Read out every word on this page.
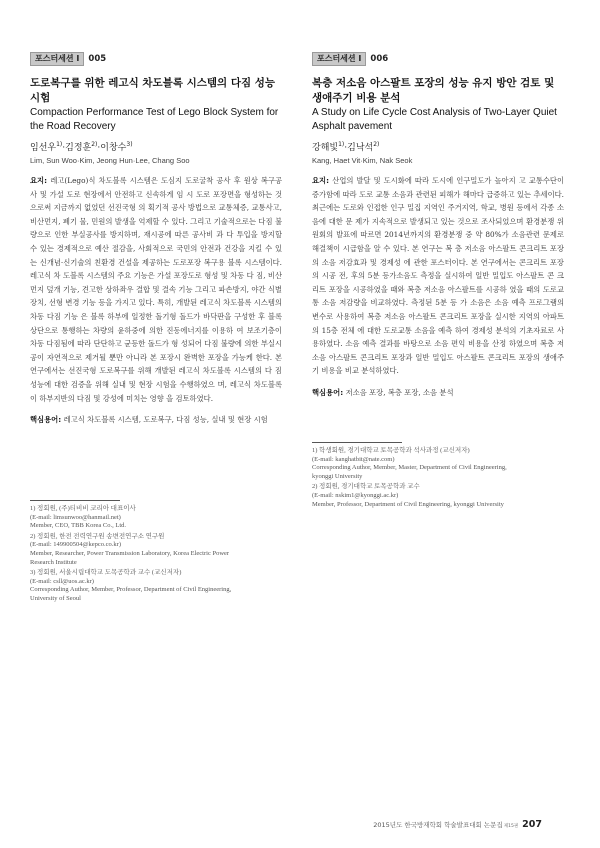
포스터세션 I	005

도로복구를 위한 레고식 차도블록 시스템의 다짐 성능 시험

Compaction Performance Test of Lego Block System for the Road Recovery

임선우$^{1)}$·김정훈$^{2)}$·이창수$^{3)}$

Lim, Sun Woo·Kim, Jeong Hun·Lee, Chang Soo

요지: 레고(Lego)식 차도블록 시스템은 도심지 도로굴착 공사 후 원상 복구공사 및 가설 도로 현장에서 안전하고 신속하게 임 시 도로 포장면을 형성하는 것으로써 지금까지 없었던 선진국형 의 획기적 공사 방법으로 교통체증, 교통사고, 비산먼지, 폐기 물, 민원의 발생을 억제할 수 있다. 그리고 기술적으로는 다짐 불량으로 인한 부실공사를 방지하며, 재시공에 따른 공사비 과 다 투입을 방지할 수 있는 경제적으로 예산 절감을, 사회적으로 국민의 안전과 건강을 지킬 수 있는 신개념·신기술의 친환경 건설을 제공하는 도로포장 복구용 블록 시스템이다. 레고식 차 도블록 시스템의 주요 기능은 가설 포장도로 형성 및 차동 다 짐, 비산먼지 덮개 기능, 견고한 상하좌우 결합 및 결속 기능 그리고 파손방지, 야간 식별장치, 선형 변경 기능 등을 가지고 있다. 특히, 개발된 레고식 차도블록 시스템의 차동 다짐 기능 은 블록 하부에 일정한 돌기형 돌드가 바닥판을 구성한 후 블록 상단으로 통행하는 차량의 윤하중에 의한 진동에너지를 이용하 여 보조기층이 차동 다짐됨에 따라 단단하고 균등한 돌드가 형 성되어 다짐 불량에 의한 부실시공이 자연적으로 제거될 뿐만 아니라 본 포장시 완벽한 포장을 가능케 한다. 본 연구에서는 선진국형 도로복구를 위해 개발된 레고식 차도블록 시스템의 다 짐 성능에 대한 검증을 위해 실내 및 현장 시험을 수행하였으 며, 레고식 차도블록이 하부지반의 다짐 및 강성에 미치는 영향 을 검토하였다.

핵심용어: 레고식 차도블록 시스템, 도로복구, 다짐 성능, 실내 및 현장 시험

1) 정회원, (주)티비비 코리아 대표이사
(E-mail: limsunwoo@hanmail.net)
Member, CEO, TBB Korea Co., Ltd.

2) 정회원, 한전 전력연구원 송변전연구소 연구원
(E-mail: 149900504@kepco.co.kr)
Member, Researcher, Power Transmission Laboratory, Korea Electric Power
Research Institute

3) 정회원, 서울시립대학교 도목공학과 교수 (교신저자)
(E-mail: csll@uos.ac.kr)
Corresponding Author, Member, Professor, Department of Civil Engineering,
University of Seoul

포스터세션 I	006

복층 저소음 아스팔트 포장의 성능 유지 방안 검토 및
생애주기 비용 분석

A Study on Life Cycle Cost Analysis of Two-Layer Quiet
Asphalt pavement

강해빛$^{1)}$·김낙석$^{2)}$

Kang, Haet Vit·Kim, Nak Seok

요지: 산업의 발달 및 도시화에 따라 도시에 인구밀도가 높아지 고 교통수단이 증가함에 따라 도로 교통 소음과 관련된 피해가 해마다 급증하고 있는 추세이다. 최근에는 도로와 인접한 인구 밀집 지역인 주거지역, 학교, 병원 등에서 각종 소음에 대한 문 제가 지속적으로 발생되고 있는 것으로 조사되었으며 환경분쟁 위원회의 발표에 따르면 2014년까지의 환경분쟁 중 약 80%가 소음관련 문제로 해결책이 시급함을 알 수 있다. 본 연구는 복 층 저소음 아스팔트 콘크리트 포장의 소음 저감효과 및 경제성 에 관한 포스터이다. 본 연구에서는 콘크리트 포장의 시공 전, 후의 5분 등가소음도 측정을 실시하여 일반 밀입도 아스팔트 콘 크리트 포장을 시공하였을 때와 복층 저소음 아스팔트를 시공하 였을 때의 도로교통 소음 저감량을 비교하였다. 측정된 5분 등 가 소음은 소음 예측 프로그램의 변수로 사용하여 복층 저소음 아스팔트 콘크리트 포장을 실시한 지역의 아파트의 15층 전체 에 대한 도로교통 소음을 예측 하여 경제성 분석의 기초자료로 사용하였다. 소음 예측 결과를 바탕으로 소음 편익 비용을 산정 하였으며 복층 저소음 아스팔트 콘크리트 포장과 일반 밀입도 아스팔트 콘크리트 포장의 생애주기 비용을 비교 분석하였다.

핵심용어: 저소음 포장, 복층 포장, 소음 분석

1) 학생회원, 경기대학교 토목공학과 석사과정 (교신저자)
(E-mail: kanghatbit@nate.com)
Corresponding Author, Member, Master, Department of Civil Engineering,
kyonggi University

2) 정회원, 경기대학교 토목공학과 교수
(E-mail: nskim1@kyonggi.ac.kr)
Member, Professor, Department of Civil Engineering, kyonggi University

2015년도 한국방재학회 학술발표대회 논문집 제15권 207
